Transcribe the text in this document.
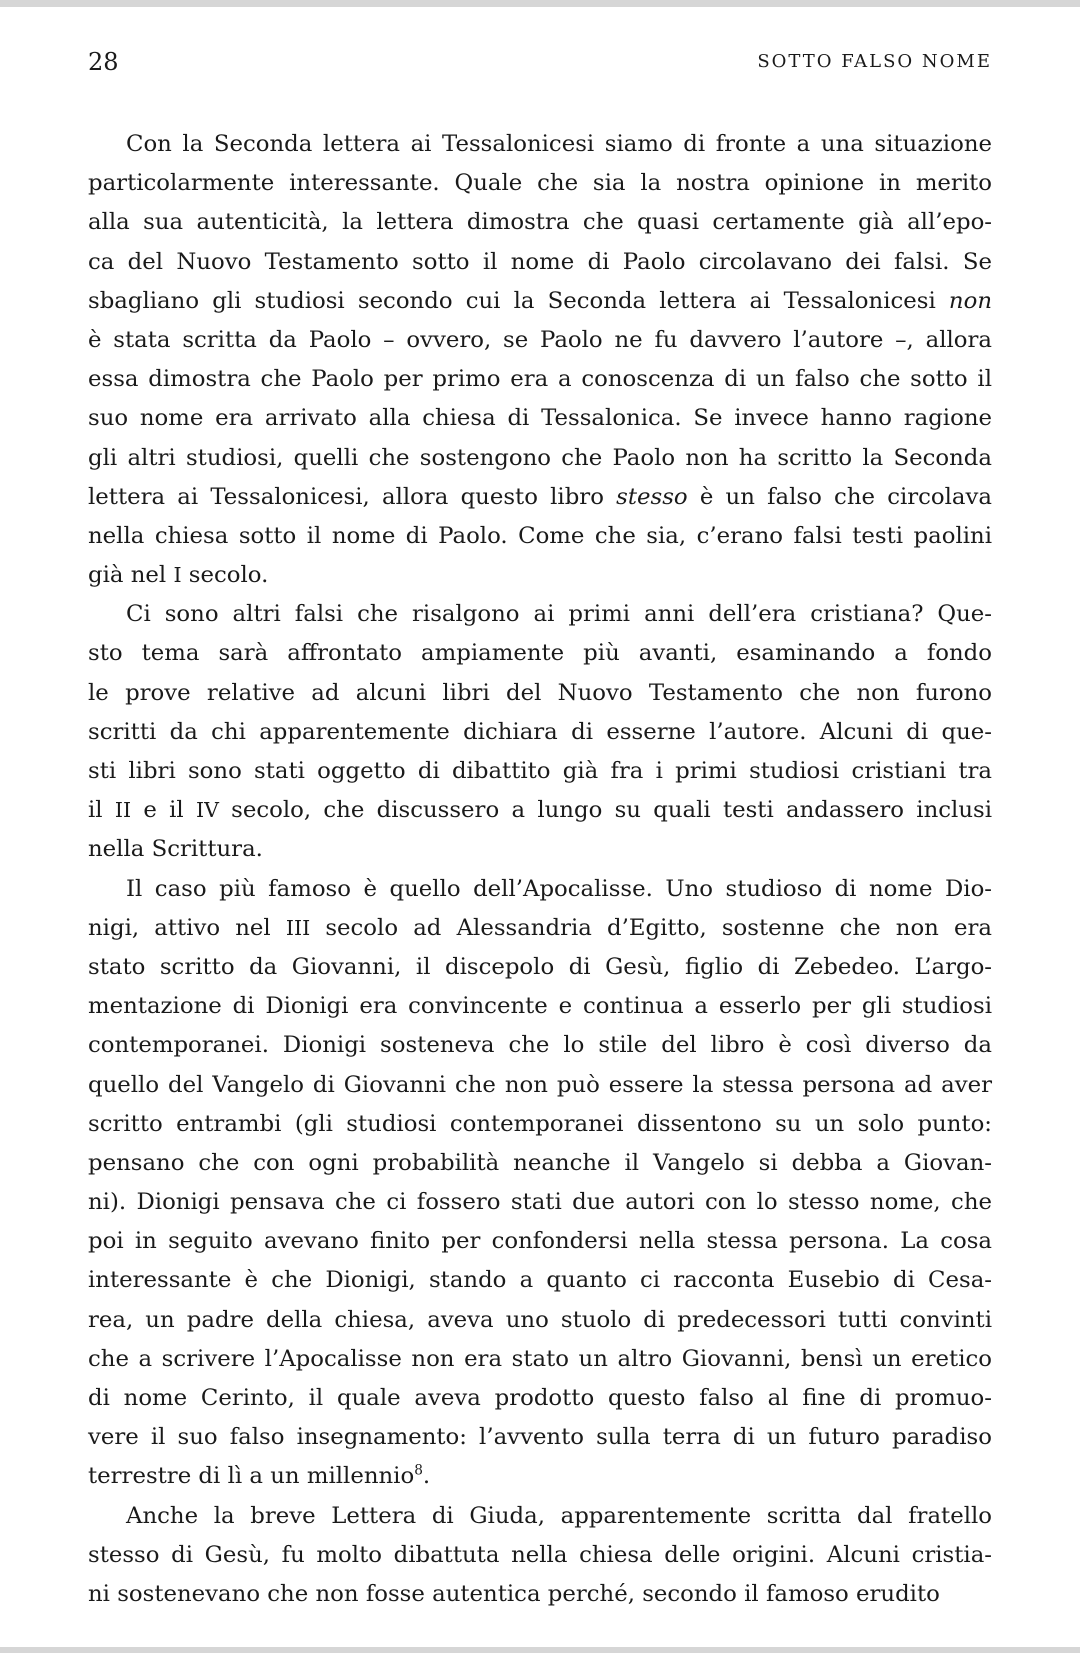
28	SOTTO FALSO NOME
Con la Seconda lettera ai Tessalonicesi siamo di fronte a una situazione
particolarmente interessante. Quale che sia la nostra opinione in merito
alla sua autenticità, la lettera dimostra che quasi certamente già all’epo-
ca del Nuovo Testamento sotto il nome di Paolo circolavano dei falsi. Se
sbagliano gli studiosi secondo cui la Seconda lettera ai Tessalonicesi non
è stata scritta da Paolo – ovvero, se Paolo ne fu davvero l’autore –, allora
essa dimostra che Paolo per primo era a conoscenza di un falso che sotto il
suo nome era arrivato alla chiesa di Tessalonica. Se invece hanno ragione
gli altri studiosi, quelli che sostengono che Paolo non ha scritto la Seconda
lettera ai Tessalonicesi, allora questo libro stesso è un falso che circolava
nella chiesa sotto il nome di Paolo. Come che sia, c’erano falsi testi paolini
già nel I secolo.
Ci sono altri falsi che risalgono ai primi anni dell’era cristiana? Que-
sto tema sarà affrontato ampiamente più avanti, esaminando a fondo
le prove relative ad alcuni libri del Nuovo Testamento che non furono
scritti da chi apparentemente dichiara di esserne l’autore. Alcuni di que-
sti libri sono stati oggetto di dibattito già fra i primi studiosi cristiani tra
il II e il IV secolo, che discussero a lungo su quali testi andassero inclusi
nella Scrittura.
Il caso più famoso è quello dell’Apocalisse. Uno studioso di nome Dio-
nigi, attivo nel III secolo ad Alessandria d’Egitto, sostenne che non era
stato scritto da Giovanni, il discepolo di Gesù, figlio di Zebedeo. L’argo-
mentazione di Dionigi era convincente e continua a esserlo per gli studiosi
contemporanei. Dionigi sosteneva che lo stile del libro è così diverso da
quello del Vangelo di Giovanni che non può essere la stessa persona ad aver
scritto entrambi (gli studiosi contemporanei dissentono su un solo punto:
pensano che con ogni probabilità neanche il Vangelo si debba a Giovan-
ni). Dionigi pensava che ci fossero stati due autori con lo stesso nome, che
poi in seguito avevano finito per confondersi nella stessa persona. La cosa
interessante è che Dionigi, stando a quanto ci racconta Eusebio di Cesa-
rea, un padre della chiesa, aveva uno stuolo di predecessori tutti convinti
che a scrivere l’Apocalisse non era stato un altro Giovanni, bensì un eretico
di nome Cerinto, il quale aveva prodotto questo falso al fine di promuo-
vere il suo falso insegnamento: l’avvento sulla terra di un futuro paradiso
terrestre di lì a un millennio$^8$.
Anche la breve Lettera di Giuda, apparentemente scritta dal fratello
stesso di Gesù, fu molto dibattuta nella chiesa delle origini. Alcuni cristia-
ni sostenevano che non fosse autentica perché, secondo il famoso erudito
